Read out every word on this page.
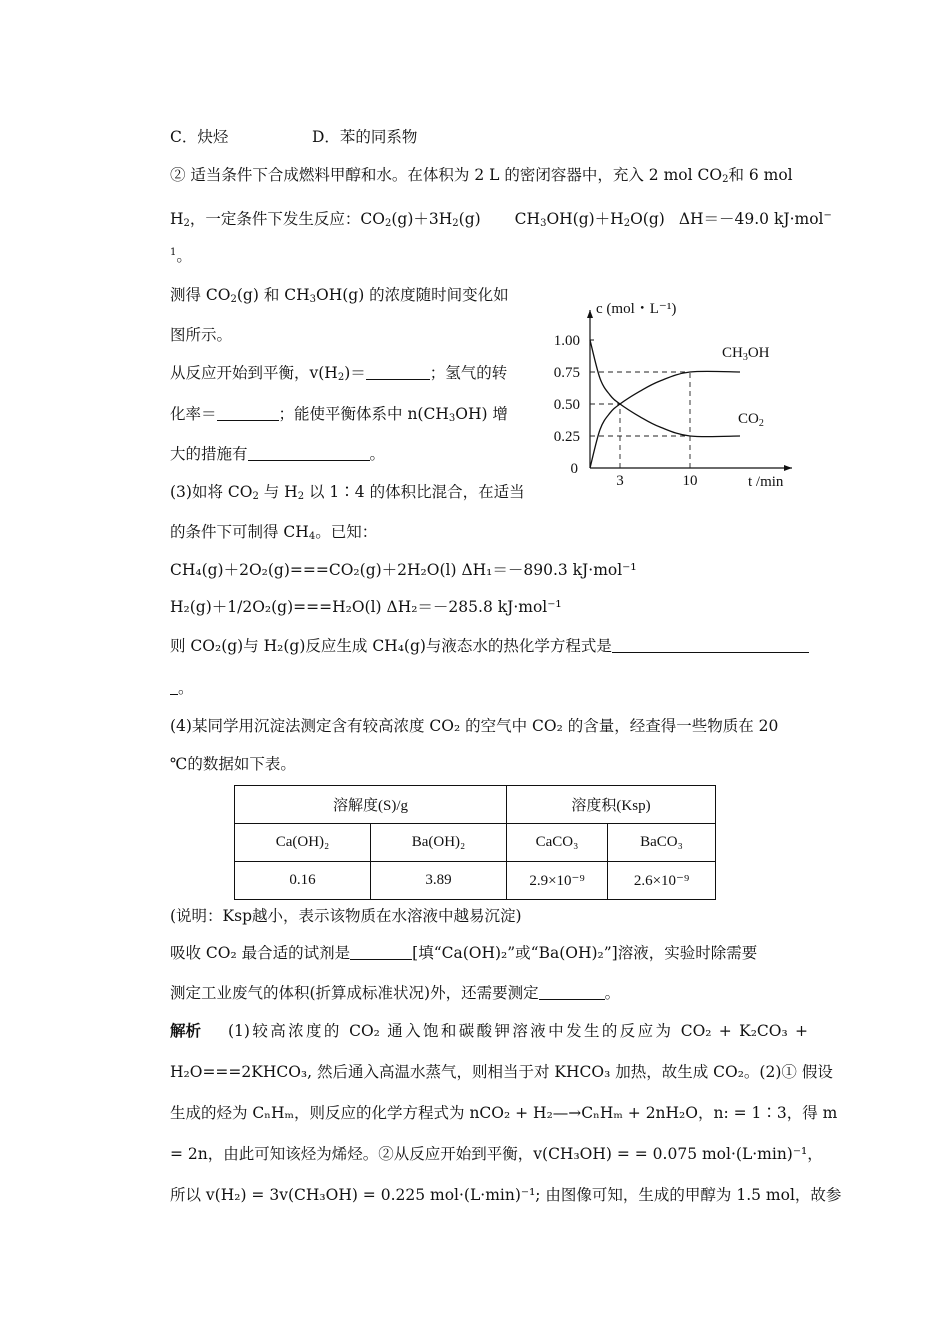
C．炔烃	D．苯的同系物
② 适当条件下合成燃料甲醇和水。在体积为 2 L 的密闭容器中，充入 2 mol $CO_2$和 6 mol
$H_2$，一定条件下发生反应：$CO_2(g)+3H_2(g)$ $CH_3OH(g)+H_2O(g)$ ΔH＝－49.0 kJ·mol−
$^1$。
测得 $CO_2(g)$ 和 $CH_3OH(g)$ 的浓度随时间变化如
图所示。
从反应开始到平衡，$v(H_2)=$	；氢气的转
化率＝	；能使平衡体系中 $n(CH_3OH)$ 增
大的措施有	。
c (mol・L⁻¹)
t /min
1.00
0.75
0.50
0.25
0
3	10
$CH_3OH$
$CO_2$
(3)如将 $CO_2$ 与 $H_2$ 以 1∶4 的体积比混合，在适当
的条件下可制得 $CH_4$。已知：
CH₄(g)＋2O₂(g)===CO₂(g)＋2H₂O(l) ΔH₁＝－890.3 kJ·mol⁻¹
H₂(g)＋1/2O₂(g)===H₂O(l) ΔH₂＝－285.8 kJ·mol⁻¹
则 CO₂(g)与 H₂(g)反应生成 CH₄(g)与液态水的热化学方程式是
。
(4)某同学用沉淀法测定含有较高浓度 CO₂ 的空气中 CO₂ 的含量，经查得一些物质在 20
℃的数据如下表。
溶解度(S)/g		溶度积(Ksp)	
Ca(OH)₂	Ba(OH)₂	CaCO₃	BaCO₃
0.16	3.89	2.9×10⁻⁹	2.6×10⁻⁹
(说明：Ksp越小，表示该物质在水溶液中越易沉淀)
吸收 CO₂ 最合适的试剂是	[填“Ca(OH)₂”或“Ba(OH)₂”]溶液，实验时除需要
测定工业废气的体积(折算成标准状况)外，还需要测定	。
解析 (1)较高浓度的 CO₂ 通入饱和碳酸钾溶液中发生的反应为 CO₂ + K₂CO₃ +
H₂O===2KHCO₃, 然后通入高温水蒸气，则相当于对 KHCO₃ 加热，故生成 CO₂。(2)① 假设
生成的烃为 CₙHₘ，则反应的化学方程式为 nCO₂ + H₂—→CₙHₘ + 2nH₂O，n: = 1∶3，得 m
= 2n，由此可知该烃为烯烃。②从反应开始到平衡，v(CH₃OH) = = 0.075 mol·(L·min)⁻¹，
所以 v(H₂) = 3v(CH₃OH) = 0.225 mol·(L·min)⁻¹; 由图像可知，生成的甲醇为 1.5 mol，故参
